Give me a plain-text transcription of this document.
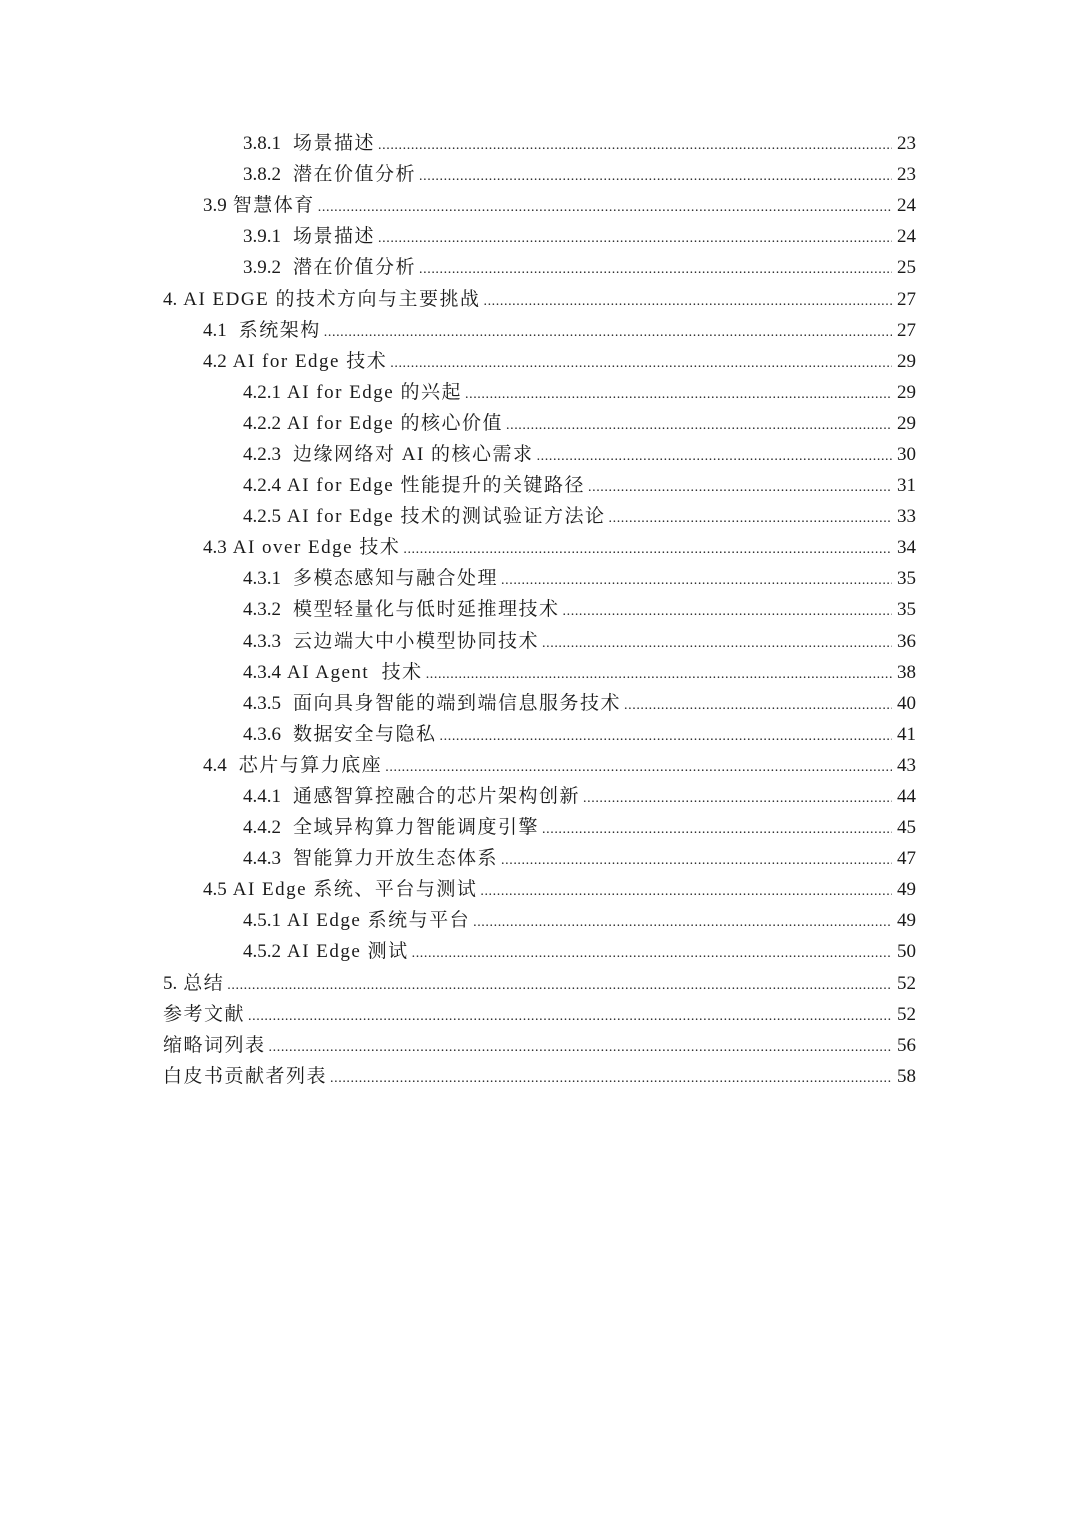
3.8.1 场景描述 .....	23
3.8.2 潜在价值分析 .....	23
3.9 智慧体育 .....	24
3.9.1 场景描述 .....	24
3.9.2 潜在价值分析 .....	25
4. AI EDGE 的技术方向与主要挑战 .....	27
4.1 系统架构 .....	27
4.2 AI for Edge 技术 .....	29
4.2.1 AI for Edge 的兴起 .....	29
4.2.2 AI for Edge 的核心价值 .....	29
4.2.3 边缘网络对 AI 的核心需求 .....	30
4.2.4 AI for Edge 性能提升的关键路径 .....	31
4.2.5 AI for Edge 技术的测试验证方法论 .....	33
4.3 AI over Edge 技术 .....	34
4.3.1 多模态感知与融合处理 .....	35
4.3.2 模型轻量化与低时延推理技术 .....	35
4.3.3 云边端大中小模型协同技术 .....	36
4.3.4 AI Agent  技术 .....	38
4.3.5 面向具身智能的端到端信息服务技术 .....	40
4.3.6 数据安全与隐私 .....	41
4.4 芯片与算力底座 .....	43
4.4.1 通感智算控融合的芯片架构创新 .....	44
4.4.2 全域异构算力智能调度引擎 .....	45
4.4.3 智能算力开放生态体系 .....	47
4.5 AI Edge 系统、平台与测试 .....	49
4.5.1 AI Edge 系统与平台 .....	49
4.5.2 AI Edge 测试 .....	50
5. 总结 .....	52
参考文献 .....	52
缩略词列表 .....	56
白皮书贡献者列表 .....	58
